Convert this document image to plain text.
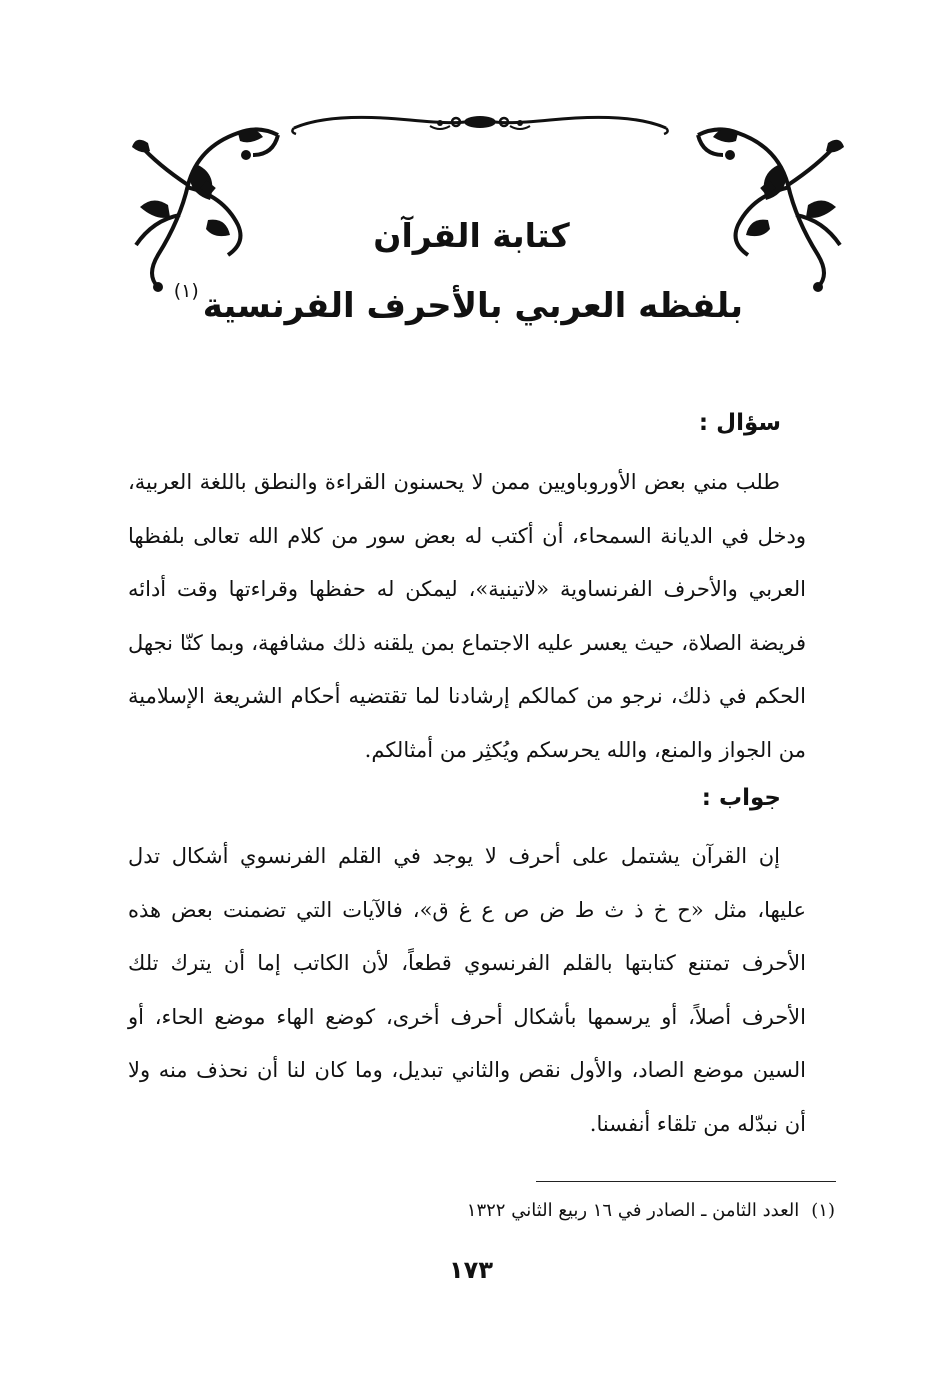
كتابة القرآن
بلفظه العربي بالأحرف الفرنسية$^{(١)}$
سؤال :

طلب مني بعض الأوروباويين ممن لا يحسنون القراءة والنطق باللغة العربية، ودخل في الديانة السمحاء، أن أكتب له بعض سور من كلام الله تعالى بلفظها العربي والأحرف الفرنساوية «لاتينية»، ليمكن له حفظها وقراءتها وقت أدائه فريضة الصلاة، حيث يعسر عليه الاجتماع بمن يلقنه ذلك مشافهة، وبما كنّا نجهل الحكم في ذلك، نرجو من كمالكم إرشادنا لما تقتضيه أحكام الشريعة الإسلامية من الجواز والمنع، والله يحرسكم ويُكثِر من أمثالكم.

جواب :

إن القرآن يشتمل على أحرف لا يوجد في القلم الفرنسوي أشكال تدل عليها، مثل «ح خ ذ ث ط ض ص ع غ ق»، فالآيات التي تضمنت بعض هذه الأحرف تمتنع كتابتها بالقلم الفرنسوي قطعاً، لأن الكاتب إما أن يترك تلك الأحرف أصلاً، أو يرسمها بأشكال أحرف أخرى، كوضع الهاء موضع الحاء، أو السين موضع الصاد، والأول نقص والثاني تبديل، وما كان لنا أن نحذف منه ولا أن نبدّله من تلقاء أنفسنا.

(١)العدد الثامن ـ الصادر في ١٦ ربيع الثاني ١٣٢٢
١٧٣
